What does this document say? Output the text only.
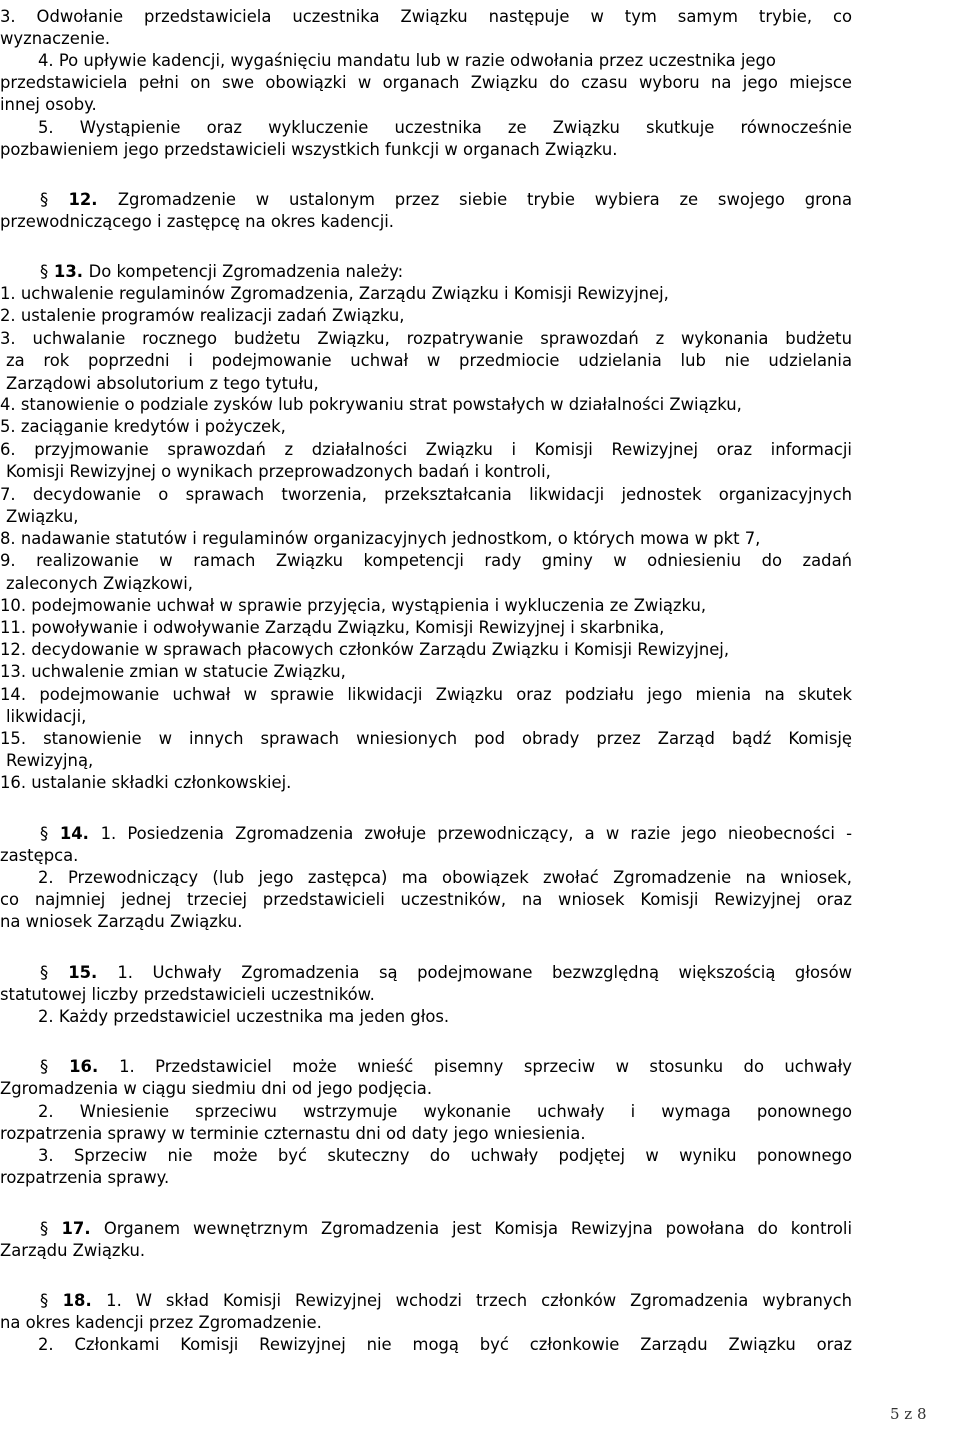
3. Odwołanie przedstawiciela uczestnika Związku następuje w tym samym trybie, co
wyznaczenie.
4. Po upływie kadencji, wygaśnięciu mandatu lub w razie odwołania przez uczestnika jego
przedstawiciela pełni on swe obowiązki w organach Związku do czasu wyboru na jego miejsce
innej osoby.
5. Wystąpienie oraz wykluczenie uczestnika ze Związku skutkuje równocześnie
pozbawieniem jego przedstawicieli wszystkich funkcji w organach Związku.
§ 12. Zgromadzenie w ustalonym przez siebie trybie wybiera ze swojego grona
przewodniczącego i zastępcę na okres kadencji.
§ 13. Do kompetencji Zgromadzenia należy:
1. uchwalenie regulaminów Zgromadzenia, Zarządu Związku i Komisji Rewizyjnej,
2. ustalenie programów realizacji zadań Związku,
3. uchwalanie rocznego budżetu Związku, rozpatrywanie sprawozdań z wykonania budżetu
za rok poprzedni i podejmowanie uchwał w przedmiocie udzielania lub nie udzielania
Zarządowi absolutorium z tego tytułu,
4. stanowienie o podziale zysków lub pokrywaniu strat powstałych w działalności Związku,
5. zaciąganie kredytów i pożyczek,
6. przyjmowanie sprawozdań z działalności Związku i Komisji Rewizyjnej oraz informacji
Komisji Rewizyjnej o wynikach przeprowadzonych badań i kontroli,
7. decydowanie o sprawach tworzenia, przekształcania likwidacji jednostek organizacyjnych
Związku,
8. nadawanie statutów i regulaminów organizacyjnych jednostkom, o których mowa w pkt 7,
9. realizowanie w ramach Związku kompetencji rady gminy w odniesieniu do zadań
zaleconych Związkowi,
10. podejmowanie uchwał w sprawie przyjęcia, wystąpienia i wykluczenia ze Związku,
11. powoływanie i odwoływanie Zarządu Związku, Komisji Rewizyjnej i skarbnika,
12. decydowanie w sprawach płacowych członków Zarządu Związku i Komisji Rewizyjnej,
13. uchwalenie zmian w statucie Związku,
14. podejmowanie uchwał w sprawie likwidacji Związku oraz podziału jego mienia na skutek
likwidacji,
15. stanowienie w innych sprawach wniesionych pod obrady przez Zarząd bądź Komisję
Rewizyjną,
16. ustalanie składki członkowskiej.
§ 14. 1. Posiedzenia Zgromadzenia zwołuje przewodniczący, a w razie jego nieobecności -
zastępca.
2. Przewodniczący (lub jego zastępca) ma obowiązek zwołać Zgromadzenie na wniosek,
co najmniej jednej trzeciej przedstawicieli uczestników, na wniosek Komisji Rewizyjnej oraz
na wniosek Zarządu Związku.
§ 15. 1. Uchwały Zgromadzenia są podejmowane bezwzględną większością głosów
statutowej liczby przedstawicieli uczestników.
2. Każdy przedstawiciel uczestnika ma jeden głos.
§ 16. 1. Przedstawiciel może wnieść pisemny sprzeciw w stosunku do uchwały
Zgromadzenia w ciągu siedmiu dni od jego podjęcia.
2. Wniesienie sprzeciwu wstrzymuje wykonanie uchwały i wymaga ponownego
rozpatrzenia sprawy w terminie czternastu dni od daty jego wniesienia.
3. Sprzeciw nie może być skuteczny do uchwały podjętej w wyniku ponownego
rozpatrzenia sprawy.
§ 17. Organem wewnętrznym Zgromadzenia jest Komisja Rewizyjna powołana do kontroli
Zarządu Związku.
§ 18. 1. W skład Komisji Rewizyjnej wchodzi trzech członków Zgromadzenia wybranych
na okres kadencji przez Zgromadzenie.
2. Członkami Komisji Rewizyjnej nie mogą być członkowie Zarządu Związku oraz
5 z 8
